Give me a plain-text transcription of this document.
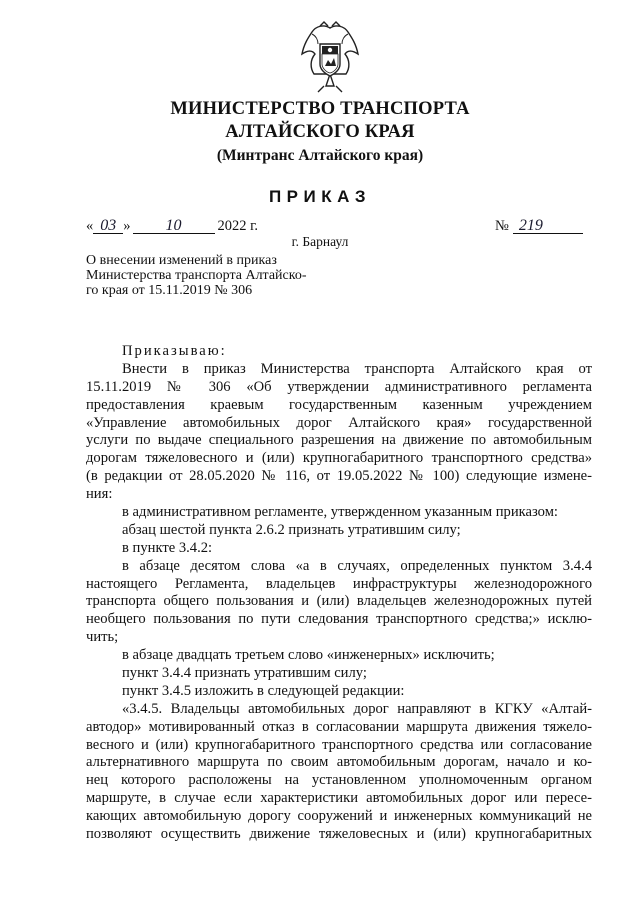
МИНИСТЕРСТВО ТРАНСПОРТА
АЛТАЙСКОГО КРАЯ
(Минтранс Алтайского края)
ПРИКАЗ
« 03 » 10 2022 г.	№ 219
г. Барнаул
О внесении изменений в приказ
Министерства транспорта Алтайско-
го края от 15.11.2019 № 306
Приказываю:
Внести в приказ Министерства транспорта Алтайского края от
15.11.2019 № 306 «Об утверждении административного регламента
предоставления краевым государственным казенным учреждением
«Управление автомобильных дорог Алтайского края» государственной
услуги по выдаче специального разрешения на движение по автомобильным
дорогам тяжеловесного и (или) крупногабаритного транспортного средства»
(в редакции от 28.05.2020 № 116, от 19.05.2022 № 100) следующие измене-
ния:
в административном регламенте, утвержденном указанным приказом:
абзац шестой пункта 2.6.2 признать утратившим силу;
в пункте 3.4.2:
в абзаце десятом слова «а в случаях, определенных пунктом 3.4.4
настоящего Регламента, владельцев инфраструктуры железнодорожного
транспорта общего пользования и (или) владельцев железнодорожных путей
необщего пользования по пути следования транспортного средства;» исклю-
чить;
в абзаце двадцать третьем слово «инженерных» исключить;
пункт 3.4.4 признать утратившим силу;
пункт 3.4.5 изложить в следующей редакции:
«3.4.5. Владельцы автомобильных дорог направляют в КГКУ «Алтай-
автодор» мотивированный отказ в согласовании маршрута движения тяжело-
весного и (или) крупногабаритного транспортного средства или согласование
альтернативного маршрута по своим автомобильным дорогам, начало и ко-
нец которого расположены на установленном уполномоченным органом
маршруте, в случае если характеристики автомобильных дорог или пересе-
кающих автомобильную дорогу сооружений и инженерных коммуникаций не
позволяют осуществить движение тяжеловесных и (или) крупногабаритных
